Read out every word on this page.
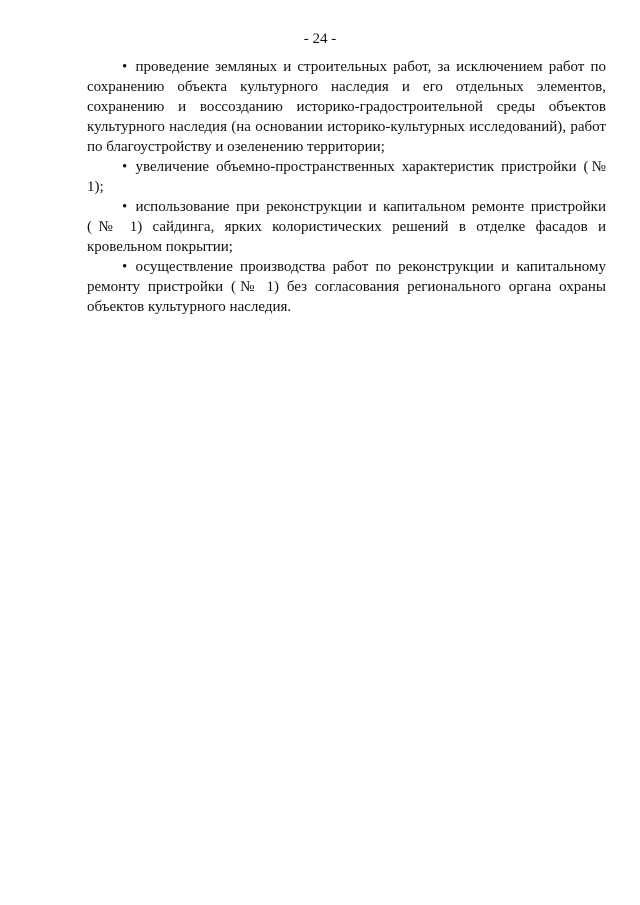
- 24 -

• проведение земляных и строительных работ, за исключением работ по сохранению объекта культурного наследия и его отдельных элементов, сохранению и воссозданию историко-градостроительной среды объектов культурного наследия (на основании историко-культурных исследований), работ по благоустройству и озеленению территории;

• увеличение объемно-пространственных характеристик пристройки (№ 1);

• использование при реконструкции и капитальном ремонте пристройки (№ 1) сайдинга, ярких колористических решений в отделке фасадов и кровельном покрытии;

• осуществление производства работ по реконструкции и капитальному ремонту пристройки (№ 1) без согласования регионального органа охраны объектов культурного наследия.
